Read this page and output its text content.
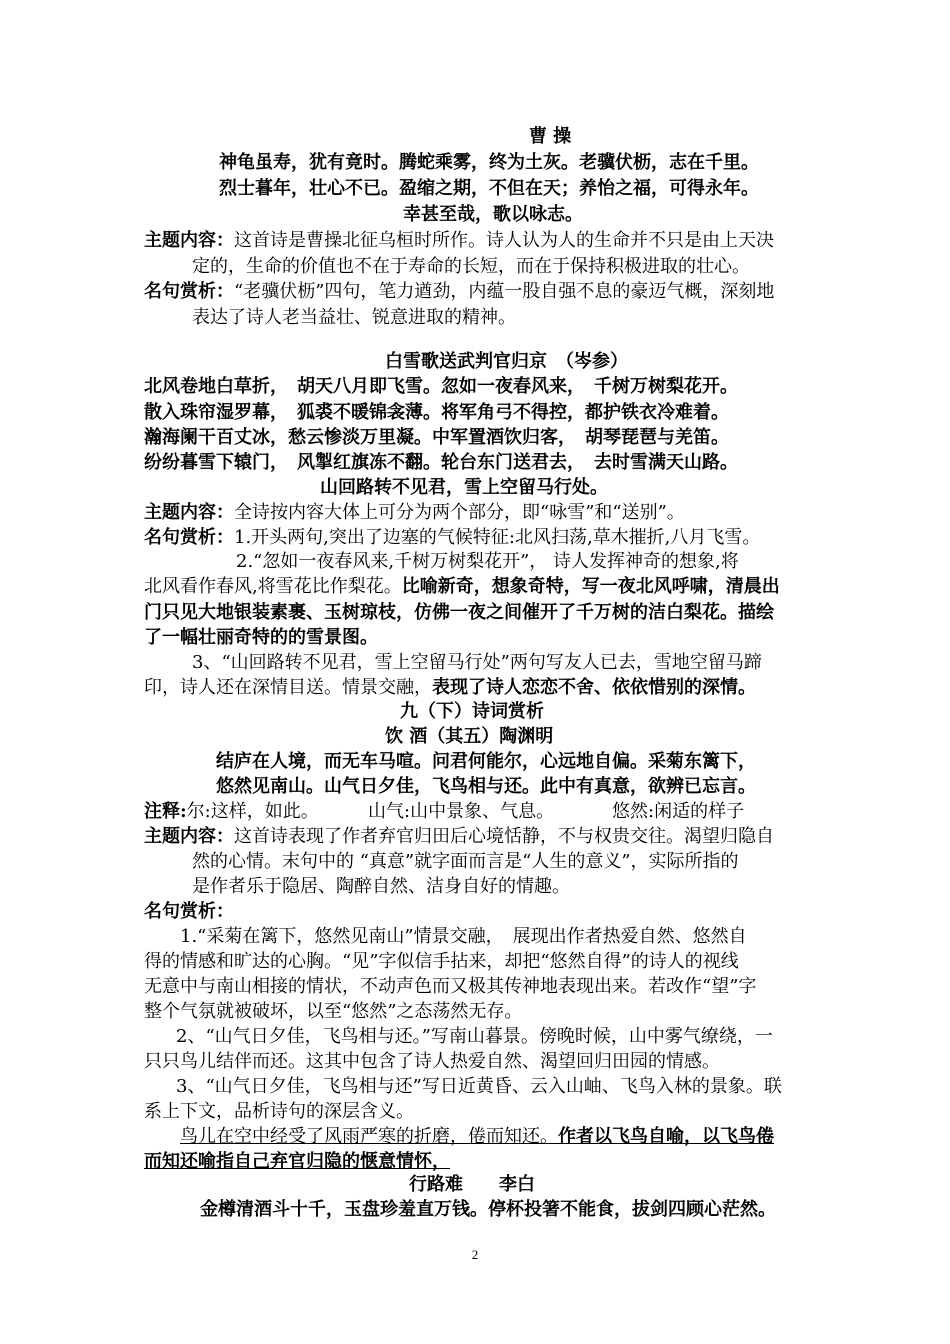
曹 操
神龟虽寿，犹有竟时。腾蛇乘雾，终为土灰。老骥伏枥，志在千里。
烈士暮年，壮心不已。盈缩之期，不但在天；养怡之福，可得永年。
幸甚至哉，歌以咏志。
主题内容：这首诗是曹操北征乌桓时所作。诗人认为人的生命并不只是由上天决
定的，生命的价值也不在于寿命的长短，而在于保持积极进取的壮心。
名句赏析：“老骥伏枥”四句，笔力遒劲，内蕴一股自强不息的豪迈气概，深刻地
表达了诗人老当益壮、锐意进取的精神。
白雪歌送武判官归京　（岑参）
北风卷地白草折，　胡天八月即飞雪。忽如一夜春风来，　千树万树梨花开。
散入珠帘湿罗幕，　狐裘不暖锦衾薄。将军角弓不得控，都护铁衣冷难着。
瀚海阑干百丈冰，愁云惨淡万里凝。中军置酒饮归客，　胡琴琵琶与羌笛。
纷纷暮雪下辕门，　风掣红旗冻不翻。轮台东门送君去，　去时雪满天山路。
山回路转不见君，雪上空留马行处。
主题内容：全诗按内容大体上可分为两个部分，即“咏雪”和“送别”。
名句赏析：1.开头两句,突出了边塞的气候特征:北风扫荡,草木摧折,八月飞雪。
2.“忽如一夜春风来,千树万树梨花开”， 诗人发挥神奇的想象,将
北风看作春风,将雪花比作梨花。比喻新奇，想象奇特，写一夜北风呼啸，清晨出
门只见大地银装素裹、玉树琼枝，仿佛一夜之间催开了千万树的洁白梨花。描绘
了一幅壮丽奇特的的雪景图。
3、“山回路转不见君，雪上空留马行处”两句写友人已去，雪地空留马蹄
印，诗人还在深情目送。情景交融，表现了诗人恋恋不舍、依依惜别的深情。
九（下）诗词赏析
饮 酒（其五）陶渊明
结庐在人境，而无车马喧。问君何能尔，心远地自偏。采菊东篱下，
悠然见南山。山气日夕佳，飞鸟相与还。此中有真意，欲辨已忘言。
注释:尔:这样，如此。	山气:山中景象、气息。	悠然:闲适的样子
主题内容：这首诗表现了作者弃官归田后心境恬静，不与权贵交往。渴望归隐自
然的心情。末句中的 “真意”就字面而言是“人生的意义”，实际所指的
是作者乐于隐居、陶醉自然、洁身自好的情趣。
名句赏析：
1.“采菊在篱下，悠然见南山”情景交融，　展现出作者热爱自然、悠然自
得的情感和旷达的心胸。“见”字似信手拈来，却把“悠然自得”的诗人的视线
无意中与南山相接的情状，不动声色而又极其传神地表现出来。若改作“望”字
整个气氛就被破坏，以至“悠然”之态荡然无存。
2、“山气日夕佳，飞鸟相与还。”写南山暮景。傍晚时候，山中雾气缭绕，一
只只鸟儿结伴而还。这其中包含了诗人热爱自然、渴望回归田园的情感。
3、“山气日夕佳，飞鸟相与还”写日近黄昏、云入山岫、飞鸟入林的景象。联
系上下文，品析诗句的深层含义。
鸟儿在空中经受了风雨严寒的折磨，倦而知还。作者以飞鸟自喻，以飞鸟倦
而知还喻指自己弃官归隐的惬意情怀，
行路难　　李白
金樽清酒斗十千，玉盘珍羞直万钱。停杯投箸不能食，拔剑四顾心茫然。
2
